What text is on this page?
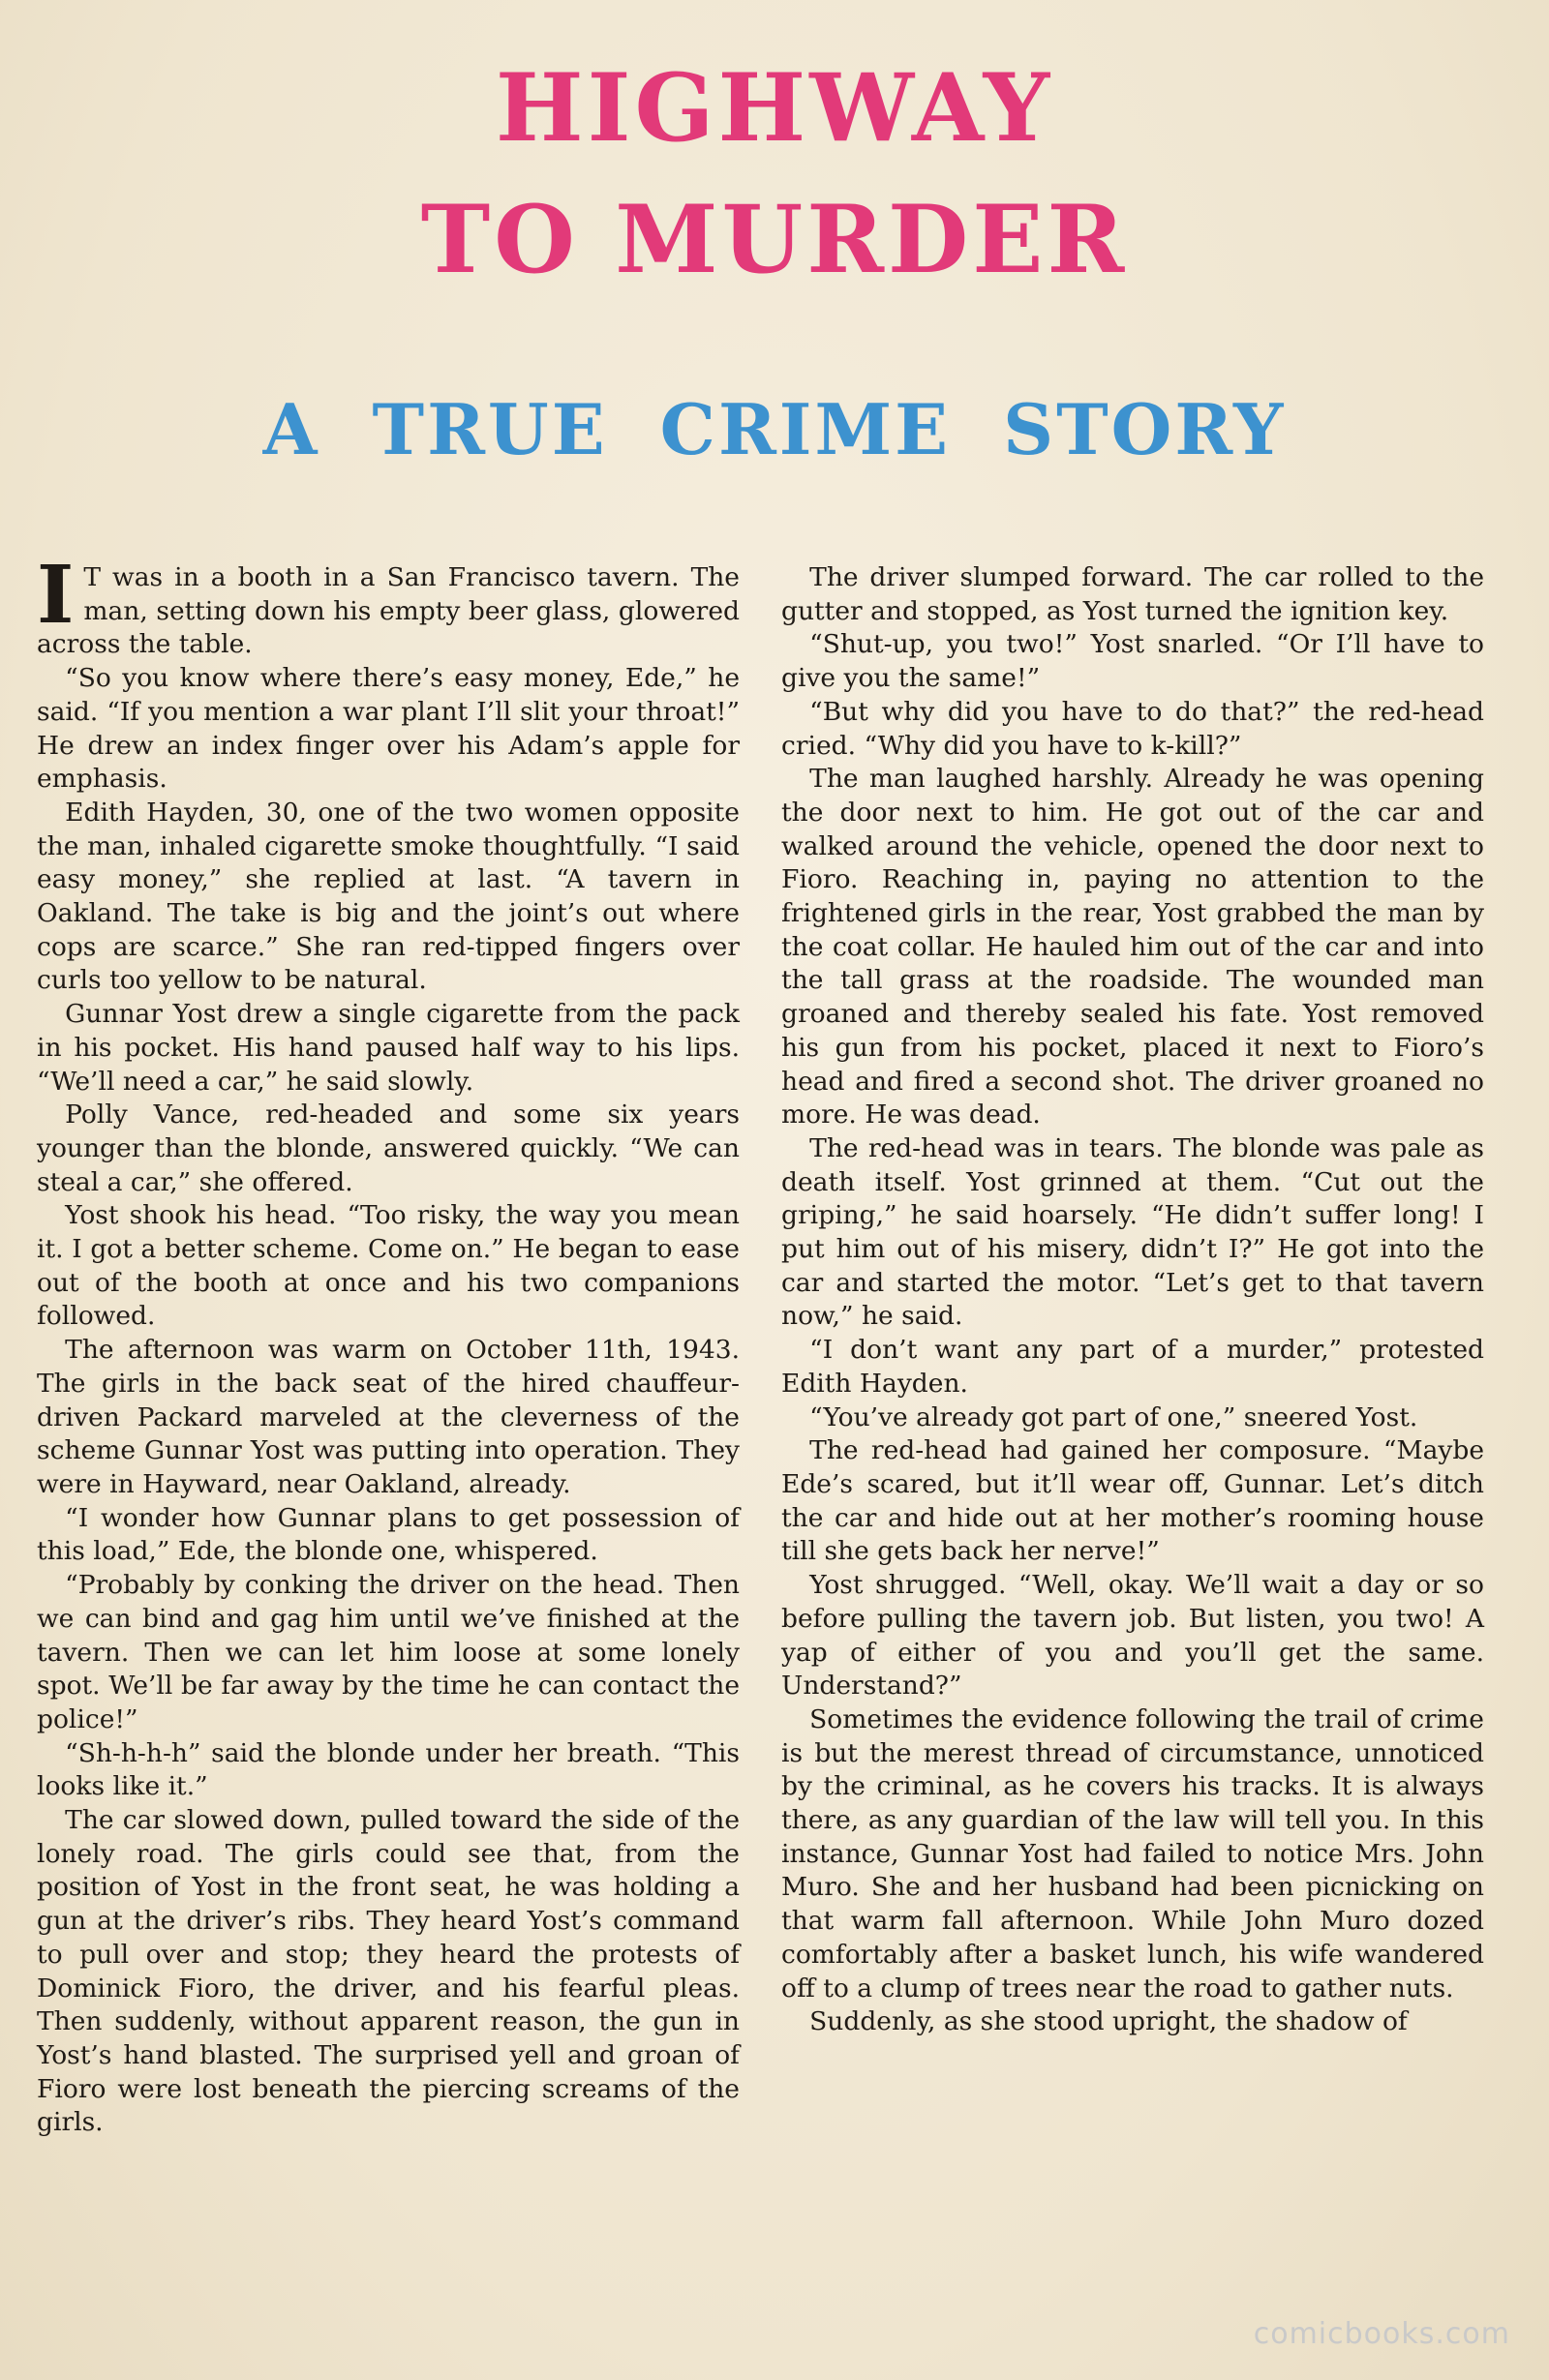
HIGHWAY
TO MURDER
A TRUE CRIME STORY

I T was in a booth in a San Francisco tavern. The man, setting down his empty beer glass, glowered across the table.

“So you know where there’s easy money, Ede,” he said. “If you mention a war plant I’ll slit your throat!” He drew an index finger over his Adam’s apple for emphasis.

Edith Hayden, 30, one of the two women opposite the man, inhaled cigarette smoke thoughtfully. “I said easy money,” she replied at last. “A tavern in Oakland. The take is big and the joint’s out where cops are scarce.” She ran red-tipped fingers over curls too yellow to be natural.

Gunnar Yost drew a single cigarette from the pack in his pocket. His hand paused half way to his lips. “We’ll need a car,” he said slowly.

Polly Vance, red-headed and some six years younger than the blonde, answered quickly. “We can steal a car,” she offered.

Yost shook his head. “Too risky, the way you mean it. I got a better scheme. Come on.” He began to ease out of the booth at once and his two companions followed.

The afternoon was warm on October 11th, 1943. The girls in the back seat of the hired chauffeur-driven Packard marveled at the cleverness of the scheme Gunnar Yost was putting into operation. They were in Hayward, near Oakland, already.

“I wonder how Gunnar plans to get possession of this load,” Ede, the blonde one, whispered.

“Probably by conking the driver on the head. Then we can bind and gag him until we’ve finished at the tavern. Then we can let him loose at some lonely spot. We’ll be far away by the time he can contact the police!”

“Sh-h-h-h” said the blonde under her breath. “This looks like it.”

The car slowed down, pulled toward the side of the lonely road. The girls could see that, from the position of Yost in the front seat, he was holding a gun at the driver’s ribs. They heard Yost’s command to pull over and stop; they heard the protests of Dominick Fioro, the driver, and his fearful pleas. Then suddenly, without apparent reason, the gun in Yost’s hand blasted. The surprised yell and groan of Fioro were lost beneath the piercing screams of the girls.

The driver slumped forward. The car rolled to the gutter and stopped, as Yost turned the ignition key.

“Shut-up, you two!” Yost snarled. “Or I’ll have to give you the same!”

“But why did you have to do that?” the red-head cried. “Why did you have to k-kill?”

The man laughed harshly. Already he was opening the door next to him. He got out of the car and walked around the vehicle, opened the door next to Fioro. Reaching in, paying no attention to the frightened girls in the rear, Yost grabbed the man by the coat collar. He hauled him out of the car and into the tall grass at the roadside. The wounded man groaned and thereby sealed his fate. Yost removed his gun from his pocket, placed it next to Fioro’s head and fired a second shot. The driver groaned no more. He was dead.

The red-head was in tears. The blonde was pale as death itself. Yost grinned at them. “Cut out the griping,” he said hoarsely. “He didn’t suffer long! I put him out of his misery, didn’t I?” He got into the car and started the motor. “Let’s get to that tavern now,” he said.

“I don’t want any part of a murder,” protested Edith Hayden.

“You’ve already got part of one,” sneered Yost.

The red-head had gained her composure. “Maybe Ede’s scared, but it’ll wear off, Gunnar. Let’s ditch the car and hide out at her mother’s rooming house till she gets back her nerve!”

Yost shrugged. “Well, okay. We’ll wait a day or so before pulling the tavern job. But listen, you two! A yap of either of you and you’ll get the same. Understand?”

Sometimes the evidence following the trail of crime is but the merest thread of circumstance, unnoticed by the criminal, as he covers his tracks. It is always there, as any guardian of the law will tell you. In this instance, Gunnar Yost had failed to notice Mrs. John Muro. She and her husband had been picnicking on that warm fall afternoon. While John Muro dozed comfortably after a basket lunch, his wife wandered off to a clump of trees near the road to gather nuts.

Suddenly, as she stood upright, the shadow of

comicbooks.com
